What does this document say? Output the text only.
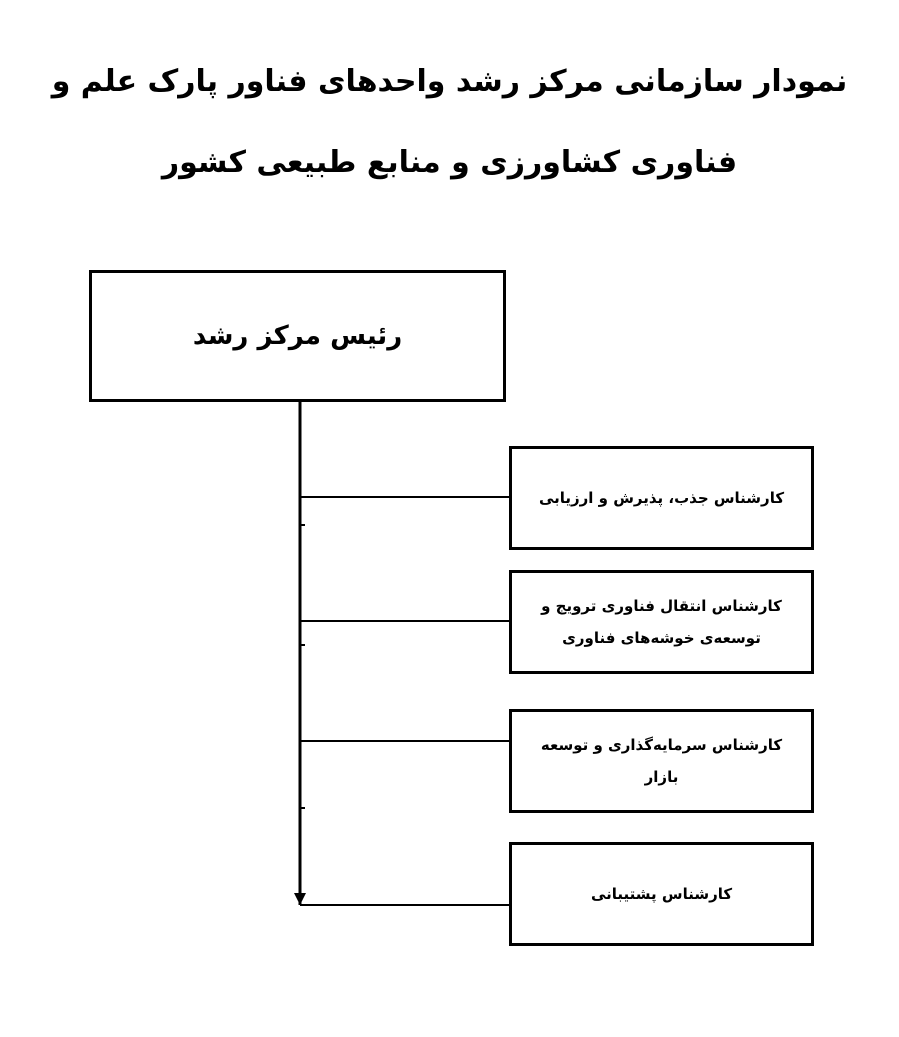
نمودار سازمانی مرکز رشد واحدهای فناور پارک علم و
فناوری کشاورزی و منابع طبیعی کشور
رئیس مرکز رشد
کارشناس جذب، پذیرش و ارزیابی
کارشناس انتقال فناوری ترویج و توسعه‌ی خوشه‌های فناوری
کارشناس سرمایه‌گذاری و توسعه بازار
کارشناس پشتیبانی
